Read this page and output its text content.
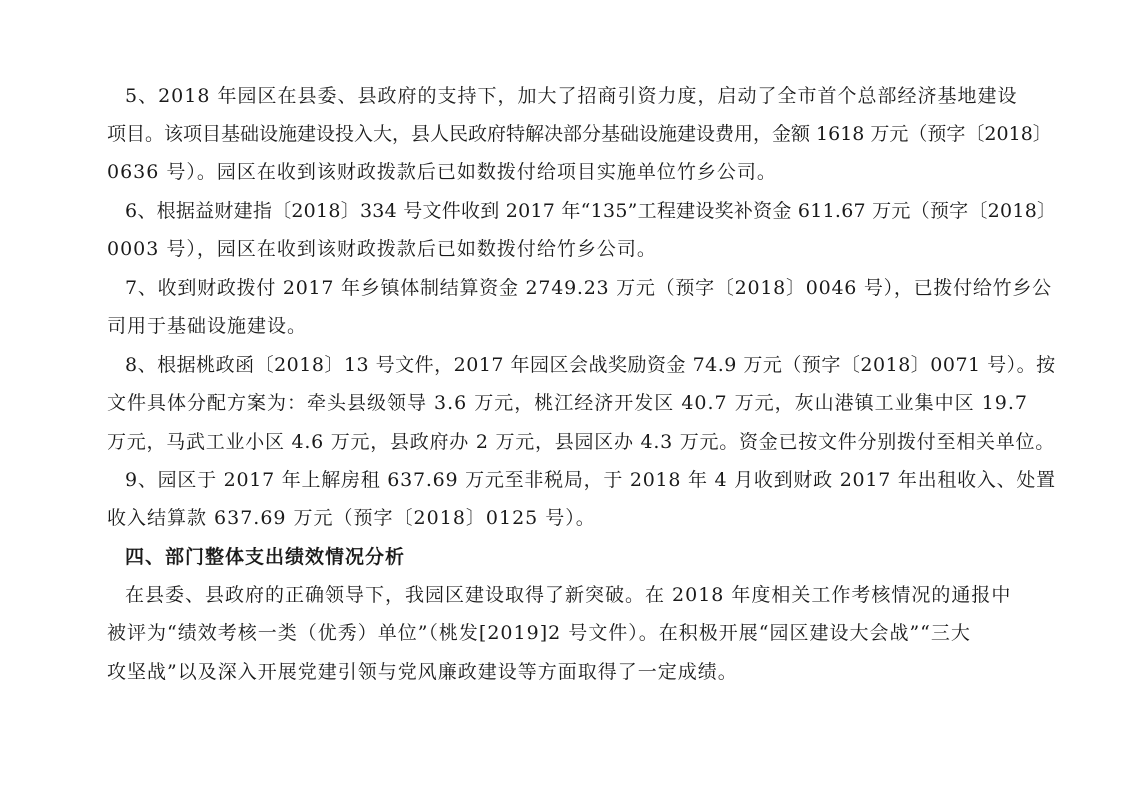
5、2018 年园区在县委、县政府的支持下，加大了招商引资力度，启动了全市首个总部经济基地建设
项目。该项目基础设施建设投入大，县人民政府特解决部分基础设施建设费用，金额 1618 万元（预字〔2018〕
0636 号）。园区在收到该财政拨款后已如数拨付给项目实施单位竹乡公司。
6、根据益财建指〔2018〕334 号文件收到 2017 年“135”工程建设奖补资金 611.67 万元（预字〔2018〕
0003 号），园区在收到该财政拨款后已如数拨付给竹乡公司。
7、收到财政拨付 2017 年乡镇体制结算资金 2749.23 万元（预字〔2018〕0046 号），已拨付给竹乡公
司用于基础设施建设。
8、根据桃政函〔2018〕13 号文件，2017 年园区会战奖励资金 74.9 万元（预字〔2018〕0071 号）。按
文件具体分配方案为：牵头县级领导 3.6 万元，桃江经济开发区 40.7 万元，灰山港镇工业集中区 19.7
万元，马武工业小区 4.6 万元，县政府办 2 万元，县园区办 4.3 万元。资金已按文件分别拨付至相关单位。
9、园区于 2017 年上解房租 637.69 万元至非税局，于 2018 年 4 月收到财政 2017 年出租收入、处置
收入结算款 637.69 万元（预字〔2018〕0125 号）。
四、部门整体支出绩效情况分析
在县委、县政府的正确领导下，我园区建设取得了新突破。在 2018 年度相关工作考核情况的通报中
被评为“绩效考核一类（优秀）单位”（桃发[2019]2 号文件）。在积极开展“园区建设大会战”“三大
攻坚战”以及深入开展党建引领与党风廉政建设等方面取得了一定成绩。
